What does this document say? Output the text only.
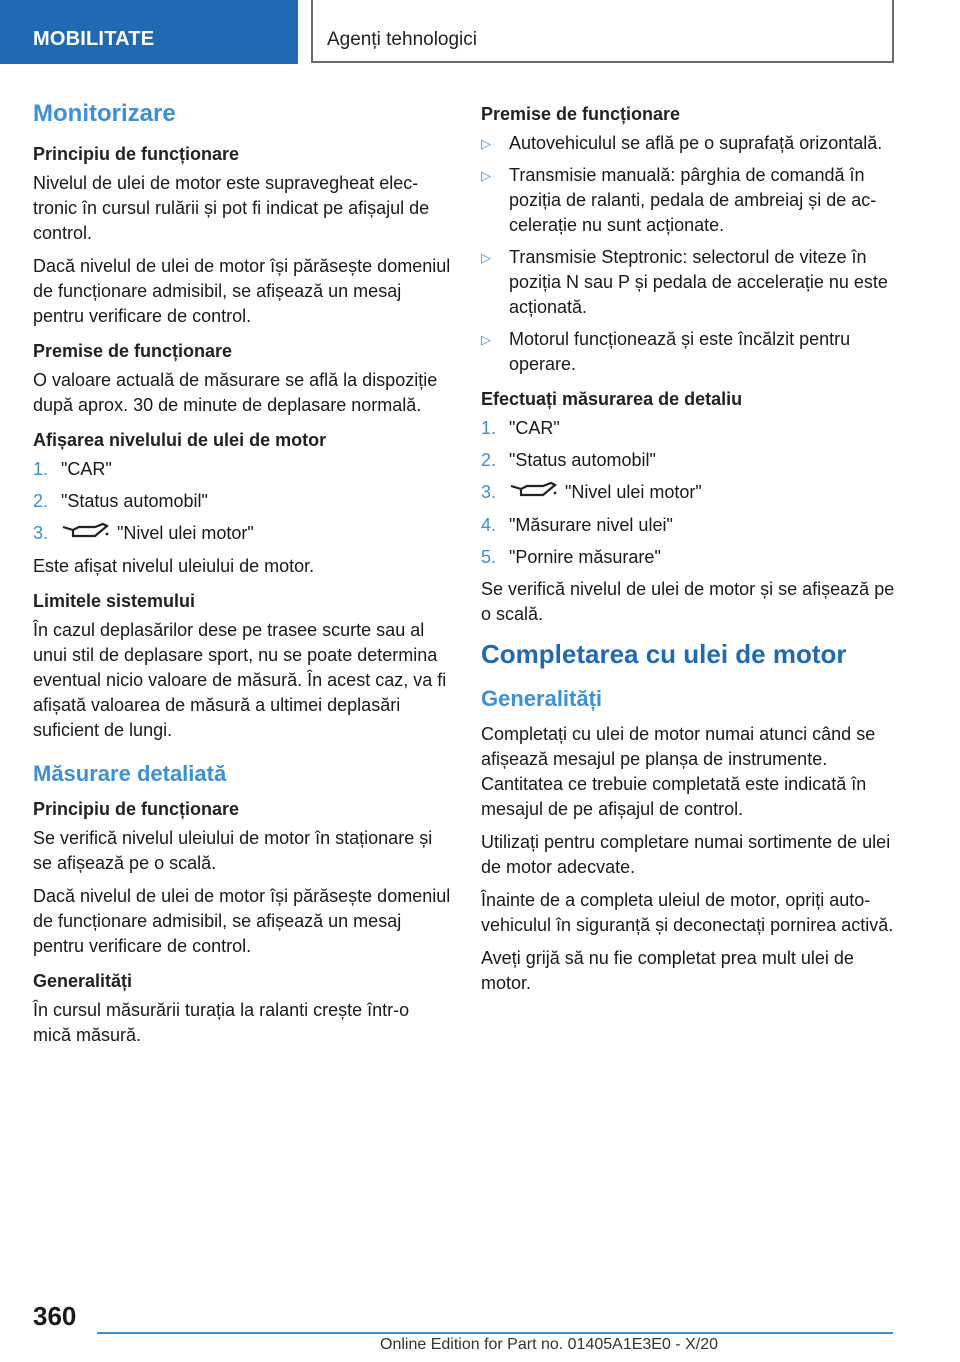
MOBILITATE	Agenți tehnologici
Monitorizare
Principiu de funcționare

Nivelul de ulei de motor este supravegheat electronic în cursul rulării și pot fi indicat pe afișajul de control.

Dacă nivelul de ulei de motor își părăsește domeniul de funcționare admisibil, se afișează un mesaj pentru verificare de control.

Premise de funcționare

O valoare actuală de măsurare se află la dispoziție după aprox. 30 de minute de deplasare normală.

Afișarea nivelului de ulei de motor
1. "CAR"
2. "Status automobil"
3.	"Nivel ulei motor"

Este afișat nivelul uleiului de motor.

Limitele sistemului

În cazul deplasărilor dese pe trasee scurte sau al unui stil de deplasare sport, nu se poate determina eventual nicio valoare de măsură. În acest caz, va fi afișată valoarea de măsură a ultimei deplasări suficient de lungi.

Măsurare detaliată
Principiu de funcționare

Se verifică nivelul uleiului de motor în staționare și se afișează pe o scală.

Dacă nivelul de ulei de motor își părăsește domeniul de funcționare admisibil, se afișează un mesaj pentru verificare de control.

Generalități

În cursul măsurării turația la ralanti crește într-o mică măsură.

Premise de funcționare
▷ Autovehiculul se află pe o suprafață orizontală.
▷ Transmisie manuală: pârghia de comandă în poziția de ralanti, pedala de ambreiaj și de accelerație nu sunt acționate.
▷ Transmisie Steptronic: selectorul de viteze în poziția N sau P și pedala de accelerație nu este acționată.
▷ Motorul funcționează și este încălzit pentru operare.
Efectuați măsurarea de detaliu
1. "CAR"
2. "Status automobil"
3.	"Nivel ulei motor"
4. "Măsurare nivel ulei"
5. "Pornire măsurare"

Se verifică nivelul de ulei de motor și se afișează pe o scală.

Completarea cu ulei de motor
Generalități

Completați cu ulei de motor numai atunci când se afișează mesajul pe planșa de instrumente. Cantitatea ce trebuie completată este indicată în mesajul de pe afișajul de control.

Utilizați pentru completare numai sortimente de ulei de motor adecvate.

Înainte de a completa uleiul de motor, opriți autovehiculul în siguranță și deconectați pornirea activă.

Aveți grijă să nu fie completat prea mult ulei de motor.

360
Online Edition for Part no. 01405A1E3E0 - X/20
